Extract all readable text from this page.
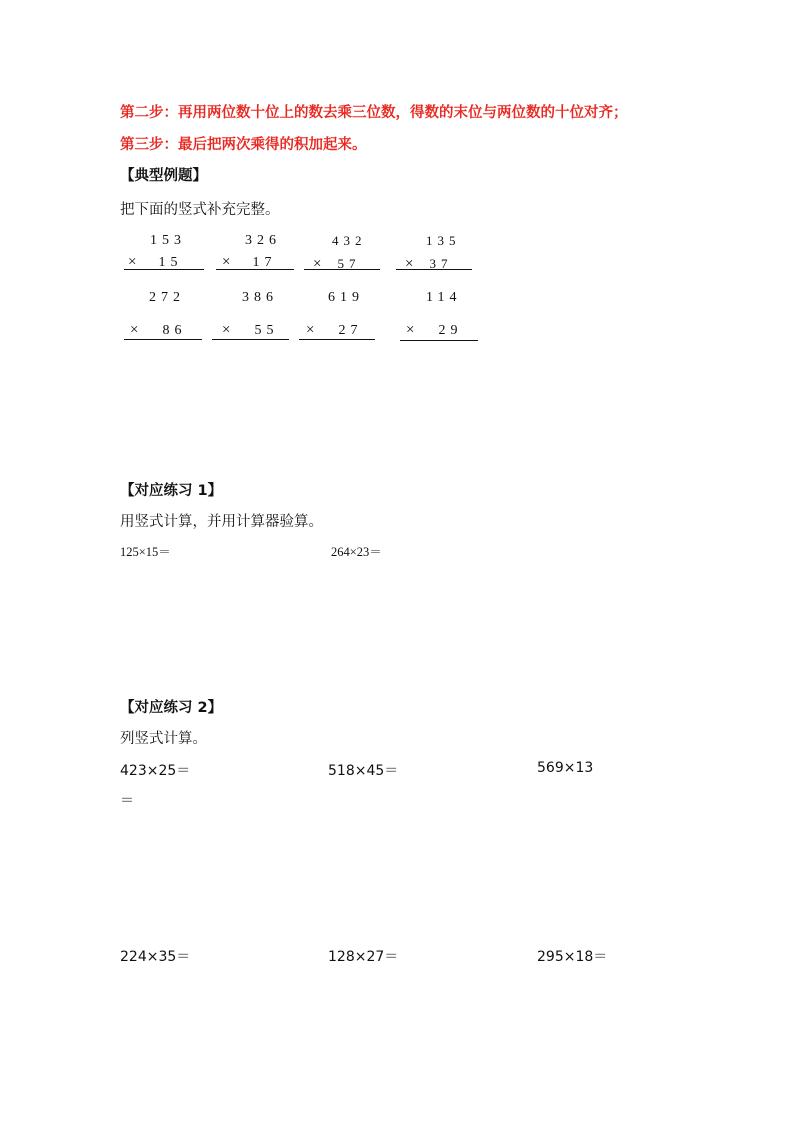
第二步：再用两位数十位上的数去乘三位数，得数的末位与两位数的十位对齐；
第三步：最后把两次乘得的积加起来。
【典型例题】
把下面的竖式补充完整。
153
× 15
326
× 17
432
× 57
135
× 37
272
× 86
386
× 55
619
× 27
114
× 29
【对应练习 1】
用竖式计算，并用计算器验算。
125×15＝	264×23＝
【对应练习 2】
列竖式计算。
423×25＝	518×45＝	569×13
＝
224×35＝	128×27＝	295×18＝
